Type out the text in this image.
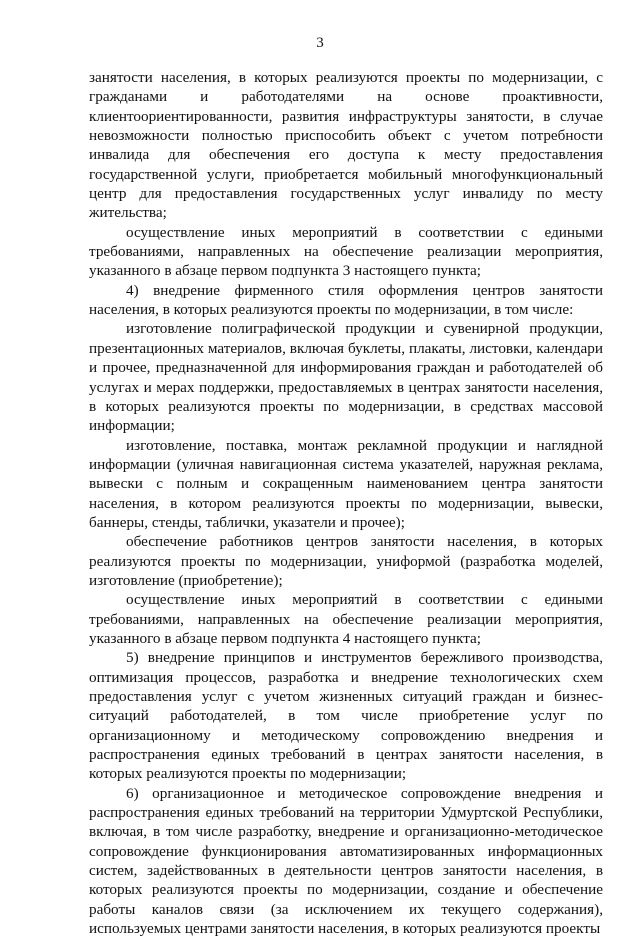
3

занятости населения, в которых реализуются проекты по модернизации, с гражданами и работодателями на основе проактивности, клиентоориентированности, развития инфраструктуры занятости, в случае невозможности полностью приспособить объект с учетом потребности инвалида для обеспечения его доступа к месту предоставления государственной услуги, приобретается мобильный многофункциональный центр для предоставления государственных услуг инвалиду по месту жительства;

осуществление иных мероприятий в соответствии с едиными требованиями, направленных на обеспечение реализации мероприятия, указанного в абзаце первом подпункта 3 настоящего пункта;

4) внедрение фирменного стиля оформления центров занятости населения, в которых реализуются проекты по модернизации, в том числе:

изготовление полиграфической продукции и сувенирной продукции, презентационных материалов, включая буклеты, плакаты, листовки, календари и прочее, предназначенной для информирования граждан и работодателей об услугах и мерах поддержки, предоставляемых в центрах занятости населения, в которых реализуются проекты по модернизации, в средствах массовой информации;

изготовление, поставка, монтаж рекламной продукции и наглядной информации (уличная навигационная система указателей, наружная реклама, вывески с полным и сокращенным наименованием центра занятости населения, в котором реализуются проекты по модернизации, вывески, баннеры, стенды, таблички, указатели и прочее);

обеспечение работников центров занятости населения, в которых реализуются проекты по модернизации, униформой (разработка моделей, изготовление (приобретение);

осуществление иных мероприятий в соответствии с едиными требованиями, направленных на обеспечение реализации мероприятия, указанного в абзаце первом подпункта 4 настоящего пункта;

5) внедрение принципов и инструментов бережливого производства, оптимизация процессов, разработка и внедрение технологических схем предоставления услуг с учетом жизненных ситуаций граждан и бизнес-ситуаций работодателей, в том числе приобретение услуг по организационному и методическому сопровождению внедрения и распространения единых требований в центрах занятости населения, в которых реализуются проекты по модернизации;

6) организационное и методическое сопровождение внедрения и распространения единых требований на территории Удмуртской Республики, включая, в том числе разработку, внедрение и организационно-методическое сопровождение функционирования автоматизированных информационных систем, задействованных в деятельности центров занятости населения, в которых реализуются проекты по модернизации, создание и обеспечение работы каналов связи (за исключением их текущего содержания), используемых центрами занятости населения, в которых реализуются проекты
